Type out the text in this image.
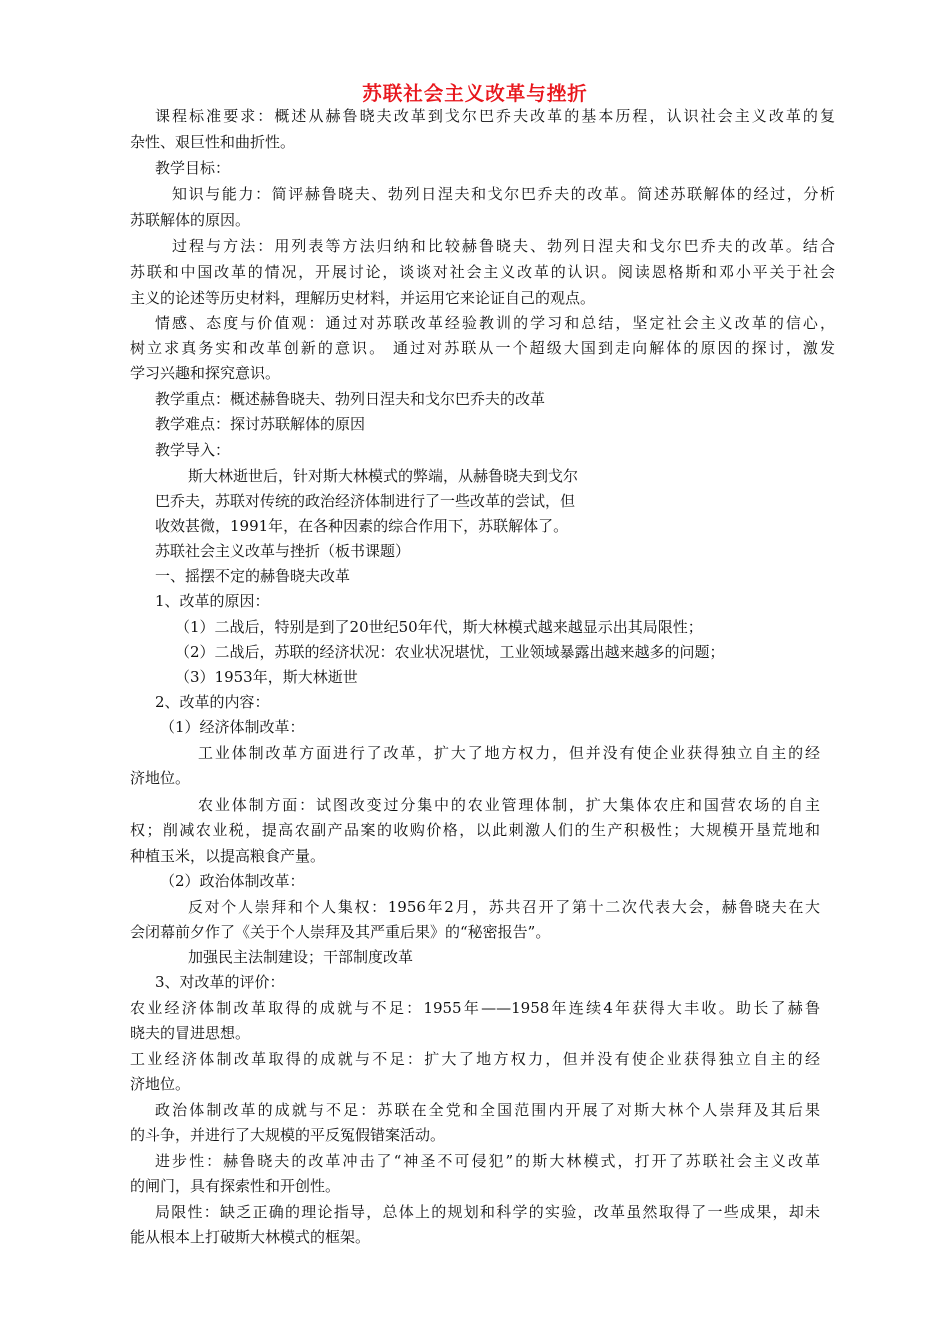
苏联社会主义改革与挫折
课程标准要求：概述从赫鲁晓夫改革到戈尔巴乔夫改革的基本历程，认识社会主义改革的复
杂性、艰巨性和曲折性。
教学目标：
知识与能力：简评赫鲁晓夫、勃列日涅夫和戈尔巴乔夫的改革。简述苏联解体的经过，分析
苏联解体的原因。
过程与方法：用列表等方法归纳和比较赫鲁晓夫、勃列日涅夫和戈尔巴乔夫的改革。结合
苏联和中国改革的情况，开展讨论，谈谈对社会主义改革的认识。阅读恩格斯和邓小平关于社会
主义的论述等历史材料，理解历史材料，并运用它来论证自己的观点。
情感、态度与价值观：通过对苏联改革经验教训的学习和总结，坚定社会主义改革的信心，
树立求真务实和改革创新的意识。 通过对苏联从一个超级大国到走向解体的原因的探讨，激发
学习兴趣和探究意识。
教学重点：概述赫鲁晓夫、勃列日涅夫和戈尔巴乔夫的改革
教学难点：探讨苏联解体的原因
教学导入：
斯大林逝世后，针对斯大林模式的弊端，从赫鲁晓夫到戈尔
巴乔夫，苏联对传统的政治经济体制进行了一些改革的尝试，但
收效甚微，1991年，在各种因素的综合作用下，苏联解体了。
苏联社会主义改革与挫折（板书课题）
一、摇摆不定的赫鲁晓夫改革
1、改革的原因：
（1）二战后，特别是到了20世纪50年代，斯大林模式越来越显示出其局限性；
（2）二战后，苏联的经济状况：农业状况堪忧，工业领域暴露出越来越多的问题；
（3）1953年，斯大林逝世
2、改革的内容：
（1）经济体制改革：
工业体制改革方面进行了改革，扩大了地方权力，但并没有使企业获得独立自主的经
济地位。
农业体制方面：试图改变过分集中的农业管理体制，扩大集体农庄和国营农场的自主
权；削减农业税，提高农副产品案的收购价格，以此刺激人们的生产积极性；大规模开垦荒地和
种植玉米，以提高粮食产量。
（2）政治体制改革：
反对个人崇拜和个人集权：1956年2月，苏共召开了第十二次代表大会，赫鲁晓夫在大
会闭幕前夕作了《关于个人崇拜及其严重后果》的“秘密报告”。
加强民主法制建设；干部制度改革
3、对改革的评价：
农业经济体制改革取得的成就与不足：1955年——1958年连续4年获得大丰收。助长了赫鲁
晓夫的冒进思想。
工业经济体制改革取得的成就与不足：扩大了地方权力，但并没有使企业获得独立自主的经
济地位。
政治体制改革的成就与不足：苏联在全党和全国范围内开展了对斯大林个人崇拜及其后果
的斗争，并进行了大规模的平反冤假错案活动。
进步性：赫鲁晓夫的改革冲击了“神圣不可侵犯”的斯大林模式，打开了苏联社会主义改革
的闸门，具有探索性和开创性。
局限性：缺乏正确的理论指导，总体上的规划和科学的实验，改革虽然取得了一些成果，却未
能从根本上打破斯大林模式的框架。
